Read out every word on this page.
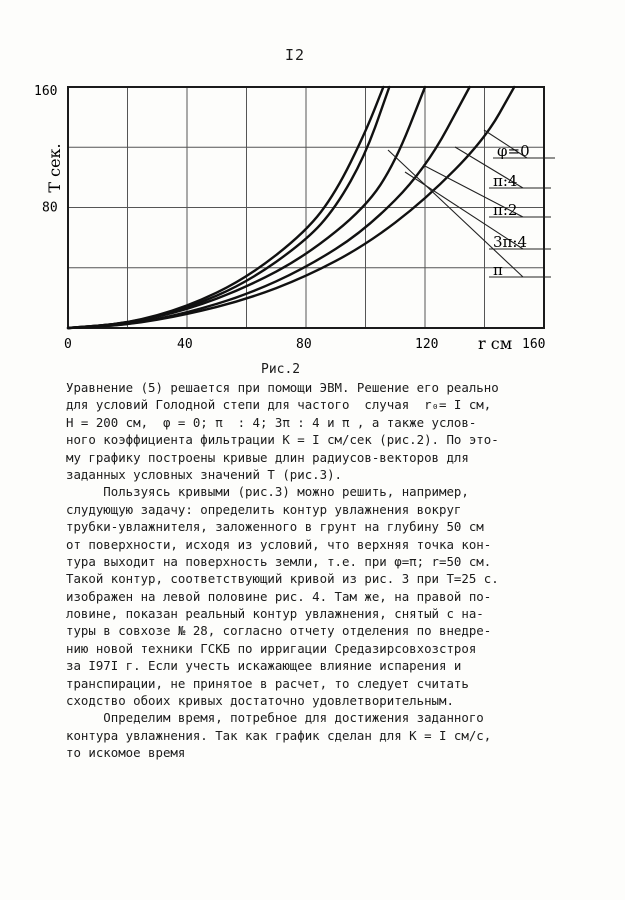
I2
π
3π:4
π:2
π:4
φ=0
0	40	80	120	160
80
160
T сек.
r см
Рис.2
Уравнение (5) решается при помощи ЭВМ. Решение его реально
для условий Голодной степи для частого  случая  r₀= I см,
Н = 200 см,  φ = 0; π  : 4; 3π : 4 и π , а также услов-
ного коэффициента фильтрации К = I см/сек (рис.2). По это-
му графику построены кривые длин радиусов-векторов для
заданных условных значений Т (рис.3).
Пользуясь кривыми (рис.3) можно решить, например,
слудующую задачу: определить контур увлажнения вокруг
трубки-увлажнителя, заложенного в грунт на глубину 50 см
от поверхности, исходя из условий, что верхняя точка кон-
тура выходит на поверхность земли, т.е. при φ=π; r=50 см.
Такой контур, соответствующий кривой из рис. 3 при Т=25 с.
изображен на левой половине рис. 4. Там же, на правой по-
ловине, показан реальный контур увлажнения, снятый с на-
туры в совхозе № 28, согласно отчету отделения по внедре-
нию новой техники ГСКБ по ирригации Средазирсовхозстроя
за I97I г. Если учесть искажающее влияние испарения и
транспирации, не принятое в расчет, то следует считать
сходство обоих кривых достаточно удовлетворительным.
Определим время, потребное для достижения заданного
контура увлажнения. Так как график сделан для К = I см/с,
то искомое время
